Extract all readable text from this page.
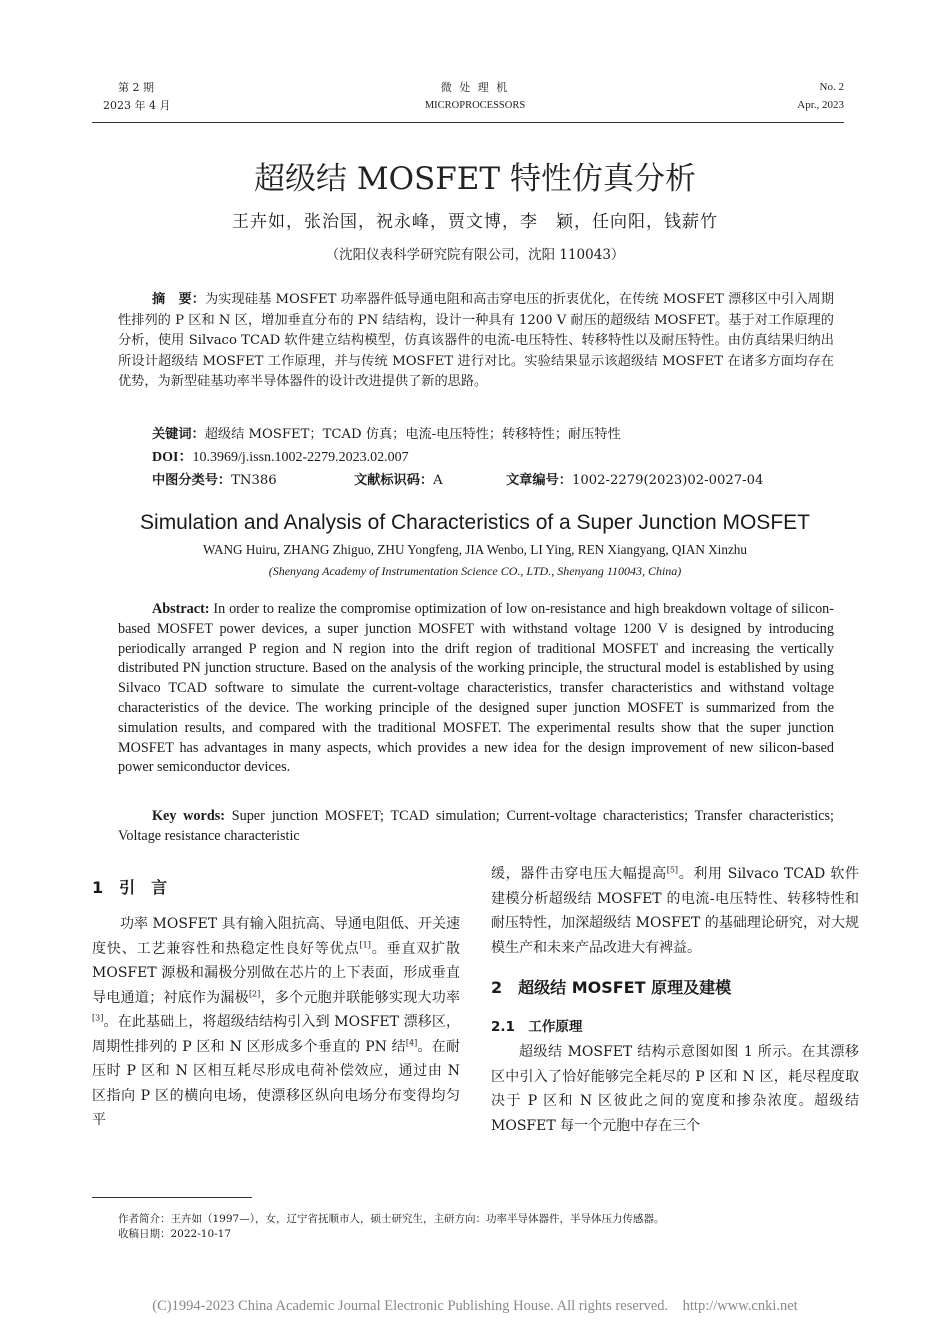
第 2 期
2023 年 4 月
微 处 理 机
MICROPROCESSORS
No. 2
Apr., 2023
超级结 MOSFET 特性仿真分析
王卉如，张治国，祝永峰，贾文博，李　颖，任向阳，钱薪竹
（沈阳仪表科学研究院有限公司，沈阳 110043）
摘　要：为实现硅基 MOSFET 功率器件低导通电阻和高击穿电压的折衷优化，在传统 MOSFET 漂移区中引入周期性排列的 P 区和 N 区，增加垂直分布的 PN 结结构，设计一种具有 1200 V 耐压的超级结 MOSFET。基于对工作原理的分析，使用 Silvaco TCAD 软件建立结构模型，仿真该器件的电流-电压特性、转移特性以及耐压特性。由仿真结果归纳出所设计超级结 MOSFET 工作原理，并与传统 MOSFET 进行对比。实验结果显示该超级结 MOSFET 在诸多方面均存在优势，为新型硅基功率半导体器件的设计改进提供了新的思路。
关键词：超级结 MOSFET；TCAD 仿真；电流-电压特性；转移特性；耐压特性
DOI：10.3969/j.issn.1002-2279.2023.02.007
中图分类号：TN386	文献标识码：A	文章编号：1002-2279(2023)02-0027-04
Simulation and Analysis of Characteristics of a Super Junction MOSFET
WANG Huiru, ZHANG Zhiguo, ZHU Yongfeng, JIA Wenbo, LI Ying, REN Xiangyang, QIAN Xinzhu
(Shenyang Academy of Instrumentation Science CO., LTD., Shenyang 110043, China)
Abstract: In order to realize the compromise optimization of low on-resistance and high breakdown voltage of silicon-based MOSFET power devices, a super junction MOSFET with withstand voltage 1200 V is designed by introducing periodically arranged P region and N region into the drift region of traditional MOSFET and increasing the vertically distributed PN junction structure. Based on the analysis of the working principle, the structural model is established by using Silvaco TCAD software to simulate the current-voltage characteristics, transfer characteristics and withstand voltage characteristics of the device. The working principle of the designed super junction MOSFET is summarized from the simulation results, and compared with the traditional MOSFET. The experimental results show that the super junction MOSFET has advantages in many aspects, which provides a new idea for the design improvement of new silicon-based power semiconductor devices.
Key words: Super junction MOSFET; TCAD simulation; Current-voltage characteristics; Transfer characteristics; Voltage resistance characteristic
1　引　言
功率 MOSFET 具有输入阻抗高、导通电阻低、开关速度快、工艺兼容性和热稳定性良好等优点[1]。垂直双扩散 MOSFET 源极和漏极分别做在芯片的上下表面，形成垂直导电通道；衬底作为漏极[2]，多个元胞并联能够实现大功率[3]。在此基础上，将超级结结构引入到 MOSFET 漂移区，周期性排列的 P 区和 N 区形成多个垂直的 PN 结[4]。在耐压时 P 区和 N 区相互耗尽形成电荷补偿效应，通过由 N 区指向 P 区的横向电场，使漂移区纵向电场分布变得均匀平
缓，器件击穿电压大幅提高[5]。利用 Silvaco TCAD 软件建模分析超级结 MOSFET 的电流-电压特性、转移特性和耐压特性，加深超级结 MOSFET 的基础理论研究，对大规模生产和未来产品改进大有裨益。
2　超级结 MOSFET 原理及建模
2.1　工作原理
超级结 MOSFET 结构示意图如图 1 所示。在其漂移区中引入了恰好能够完全耗尽的 P 区和 N 区，耗尽程度取决于 P 区和 N 区彼此之间的宽度和掺杂浓度。超级结 MOSFET 每一个元胞中存在三个
作者简介：王卉如（1997—），女，辽宁省抚顺市人，硕士研究生，主研方向：功率半导体器件，半导体压力传感器。
收稿日期：2022-10-17
(C)1994-2023 China Academic Journal Electronic Publishing House. All rights reserved.    http://www.cnki.net
